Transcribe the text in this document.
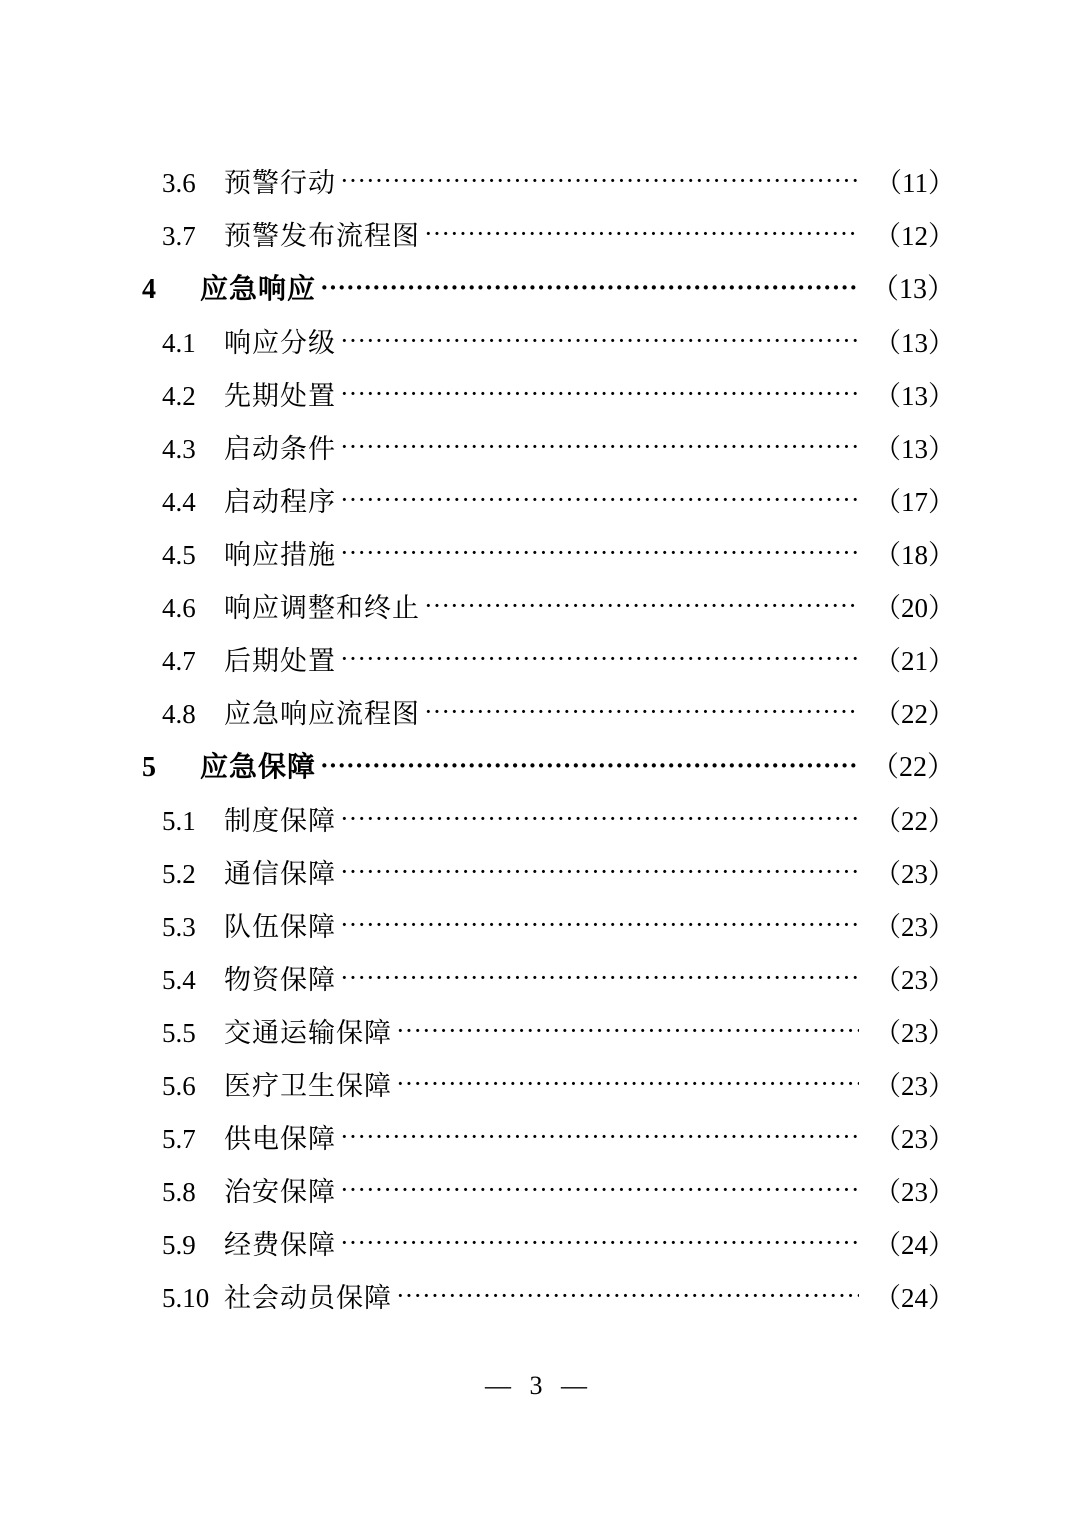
3.6	预警行动 ·····	（11）
3.7	预警发布流程图 ·····	（12）
4	应急响应 ·····	（13）
4.1	响应分级 ·····	（13）
4.2	先期处置 ·····	（13）
4.3	启动条件 ·····	（13）
4.4	启动程序 ·····	（17）
4.5	响应措施 ·····	（18）
4.6	响应调整和终止 ·····	（20）
4.7	后期处置 ·····	（21）
4.8	应急响应流程图 ·····	（22）
5	应急保障 ·····	（22）
5.1	制度保障 ·····	（22）
5.2	通信保障 ·····	（23）
5.3	队伍保障 ·····	（23）
5.4	物资保障 ·····	（23）
5.5	交通运输保障 ·····	（23）
5.6	医疗卫生保障 ·····	（23）
5.7	供电保障 ·····	（23）
5.8	治安保障 ·····	（23）
5.9	经费保障 ·····	（24）
5.10 社会动员保障 ·····	（24）
— 3 —
